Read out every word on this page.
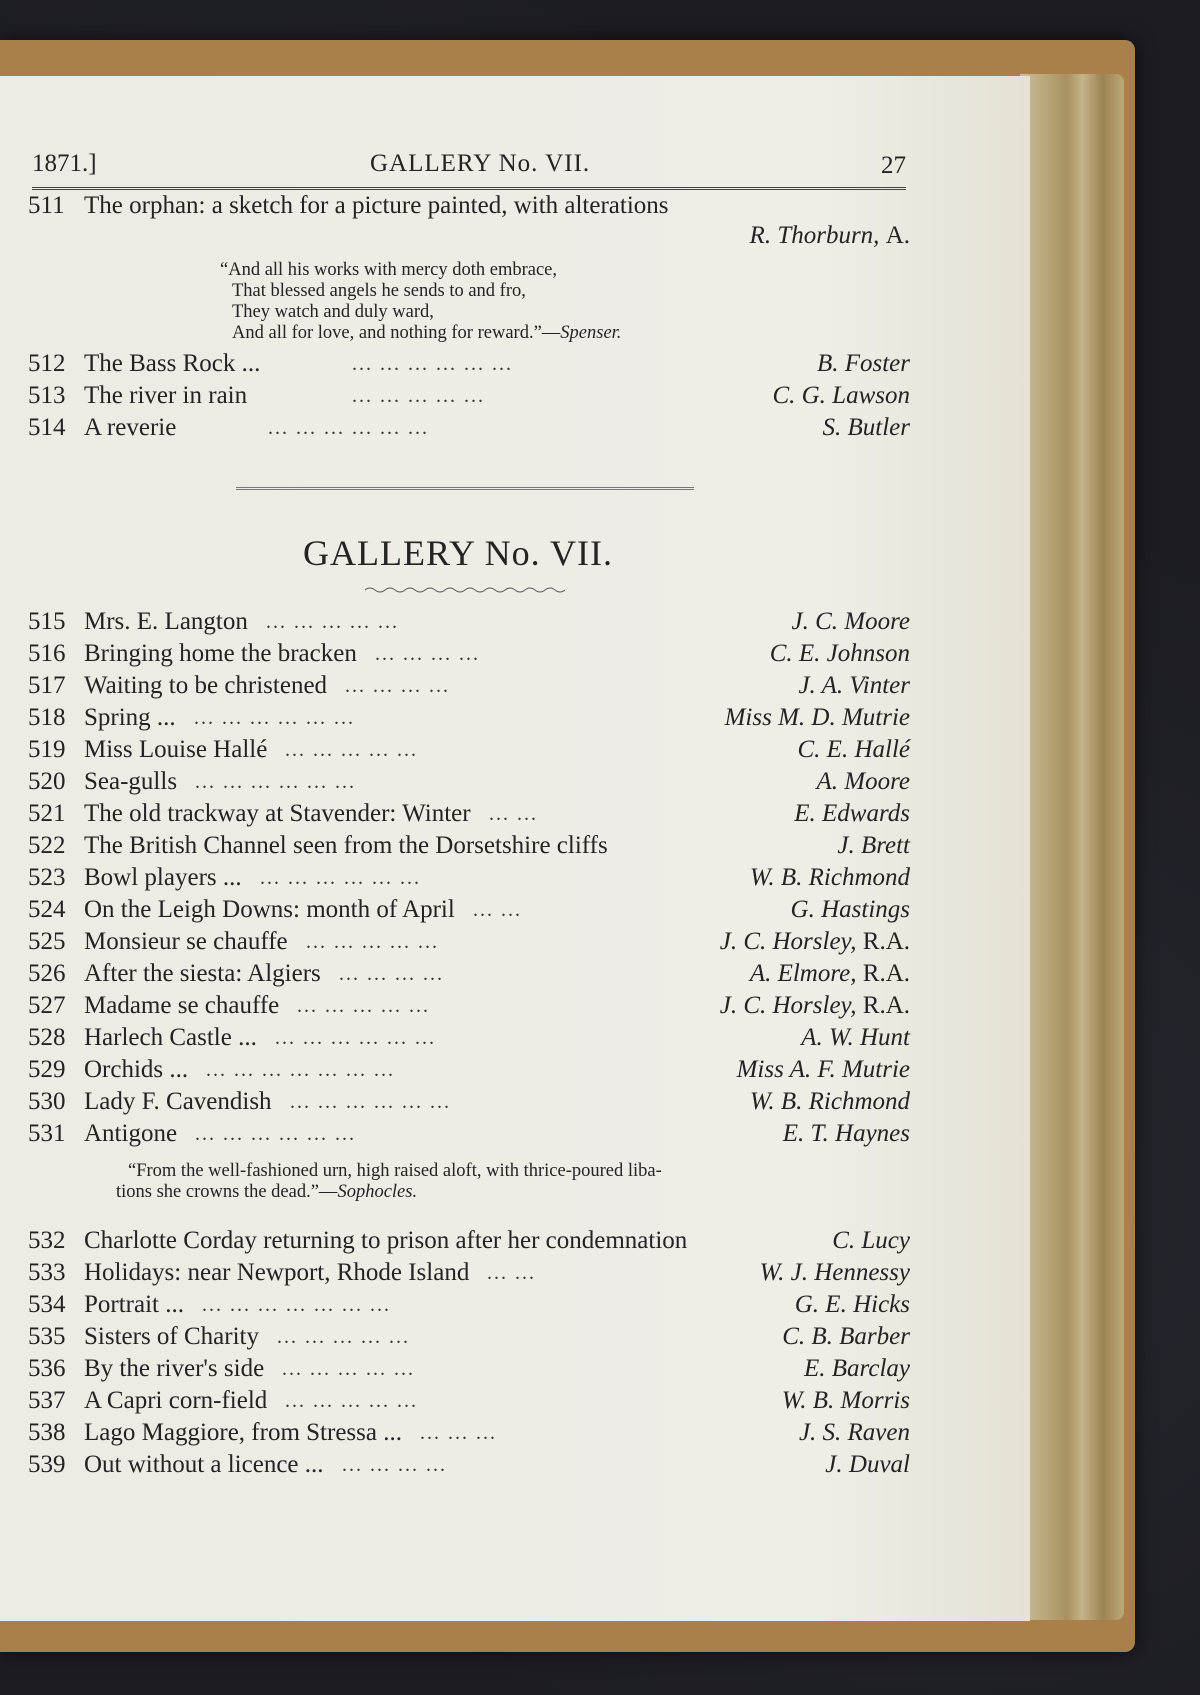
1871.]	GALLERY No. VII.	27
511 The orphan: a sketch for a picture painted, with alterations
R. Thorburn, A.
“And all his works with mercy doth embrace,
That blessed angels he sends to and fro,
They watch and duly ward,
And all for love, and nothing for reward.”—Spenser.
512 The Bass Rock ...	... ... ... ... ... ...	B. Foster
513 The river in rain	... ... ... ... ...	C. G. Lawson
514 A reverie	... ... ... ... ... ...	S. Butler
GALLERY No. VII.
515 Mrs. E. Langton ... ... ... ... ...	J. C. Moore
516 Bringing home the bracken ... ... ... ...	C. E. Johnson
517 Waiting to be christened ... ... ... ...	J. A. Vinter
518 Spring ... ... ... ... ... ... ...	Miss M. D. Mutrie
519 Miss Louise Hallé ... ... ... ... ...	C. E. Hallé
520 Sea-gulls ... ... ... ... ... ...	A. Moore
521 The old trackway at Stavender: Winter ... ...	E. Edwards
522 The British Channel seen from the Dorsetshire cliffs	J. Brett
523 Bowl players ... ... ... ... ... ... ...	W. B. Richmond
524 On the Leigh Downs: month of April ... ...	G. Hastings
525 Monsieur se chauffe ... ... ... ... ...	J. C. Horsley, R.A.
526 After the siesta: Algiers ... ... ... ...	A. Elmore, R.A.
527 Madame se chauffe ... ... ... ... ...	J. C. Horsley, R.A.
528 Harlech Castle ... ... ... ... ... ... ...	A. W. Hunt
529 Orchids ... ... ... ... ... ... ... ...	Miss A. F. Mutrie
530 Lady F. Cavendish ... ... ... ... ... ...	W. B. Richmond
531 Antigone ... ... ... ... ... ...	E. T. Haynes
“From the well-fashioned urn, high raised aloft, with thrice-poured liba-
tions she crowns the dead.”—Sophocles.
532 Charlotte Corday returning to prison after her condemnation	C. Lucy
533 Holidays: near Newport, Rhode Island ... ...	W. J. Hennessy
534 Portrait ... ... ... ... ... ... ... ...	G. E. Hicks
535 Sisters of Charity ... ... ... ... ...	C. B. Barber
536 By the river's side ... ... ... ... ...	E. Barclay
537 A Capri corn-field ... ... ... ... ...	W. B. Morris
538 Lago Maggiore, from Stressa ... ... ... ...	J. S. Raven
539 Out without a licence ... ... ... ... ...	J. Duval
